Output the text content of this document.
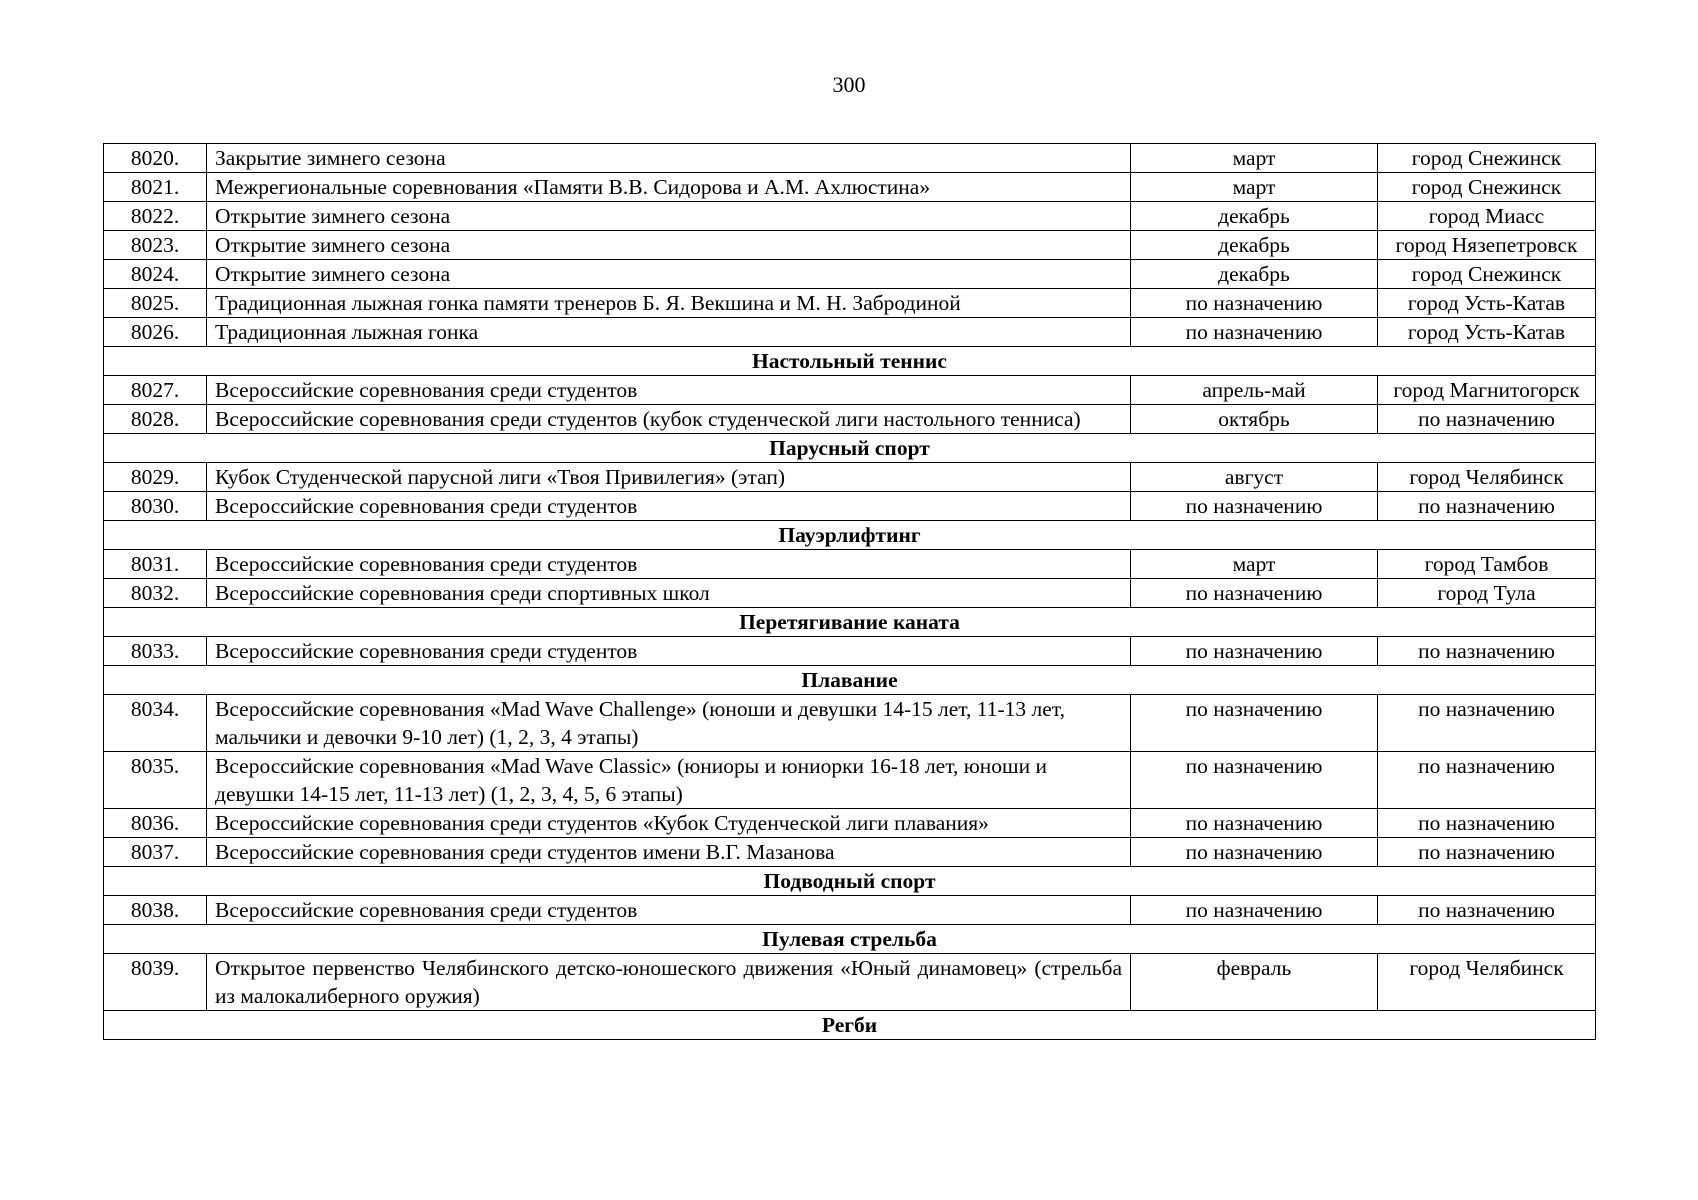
300
8020.	Закрытие зимнего сезона	март	город Снежинск
8021.	Межрегиональные соревнования «Памяти В.В. Сидорова и А.М. Ахлюстина»	март	город Снежинск
8022.	Открытие зимнего сезона	декабрь	город Миасс
8023.	Открытие зимнего сезона	декабрь	город Нязепетровск
8024.	Открытие зимнего сезона	декабрь	город Снежинск
8025.	Традиционная лыжная гонка памяти тренеров Б. Я. Векшина и М. Н. Забродиной	по назначению	город Усть-Катав
8026.	Традиционная лыжная гонка	по назначению	город Усть-Катав
Настольный теннис			
8027.	Всероссийские соревнования среди студентов	апрель-май	город Магнитогорск
8028.	Всероссийские соревнования среди студентов (кубок студенческой лиги настольного тенниса)	октябрь	по назначению
Парусный спорт			
8029.	Кубок Студенческой парусной лиги «Твоя Привилегия» (этап)	август	город Челябинск
8030.	Всероссийские соревнования среди студентов	по назначению	по назначению
Пауэрлифтинг			
8031.	Всероссийские соревнования среди студентов	март	город Тамбов
8032.	Всероссийские соревнования среди спортивных школ	по назначению	город Тула
Перетягивание каната			
8033.	Всероссийские соревнования среди студентов	по назначению	по назначению
Плавание			
8034.	Всероссийские соревнования «Mad Wave Challenge» (юноши и девушки 14-15 лет, 11-13 лет, мальчики и девочки 9-10 лет) (1, 2, 3, 4 этапы)	по назначению	по назначению
8035.	Всероссийские соревнования «Mad Wave Classic» (юниоры и юниорки 16-18 лет, юноши и девушки 14-15 лет, 11-13 лет) (1, 2, 3, 4, 5, 6 этапы)	по назначению	по назначению
8036.	Всероссийские соревнования среди студентов «Кубок Студенческой лиги плавания»	по назначению	по назначению
8037.	Всероссийские соревнования среди студентов имени В.Г. Мазанова	по назначению	по назначению
Подводный спорт			
8038.	Всероссийские соревнования среди студентов	по назначению	по назначению
Пулевая стрельба			
8039.	Открытое первенство Челябинского детско-юношеского движения «Юный динамовец» (стрельба из малокалиберного оружия)	февраль	город Челябинск
Регби			
